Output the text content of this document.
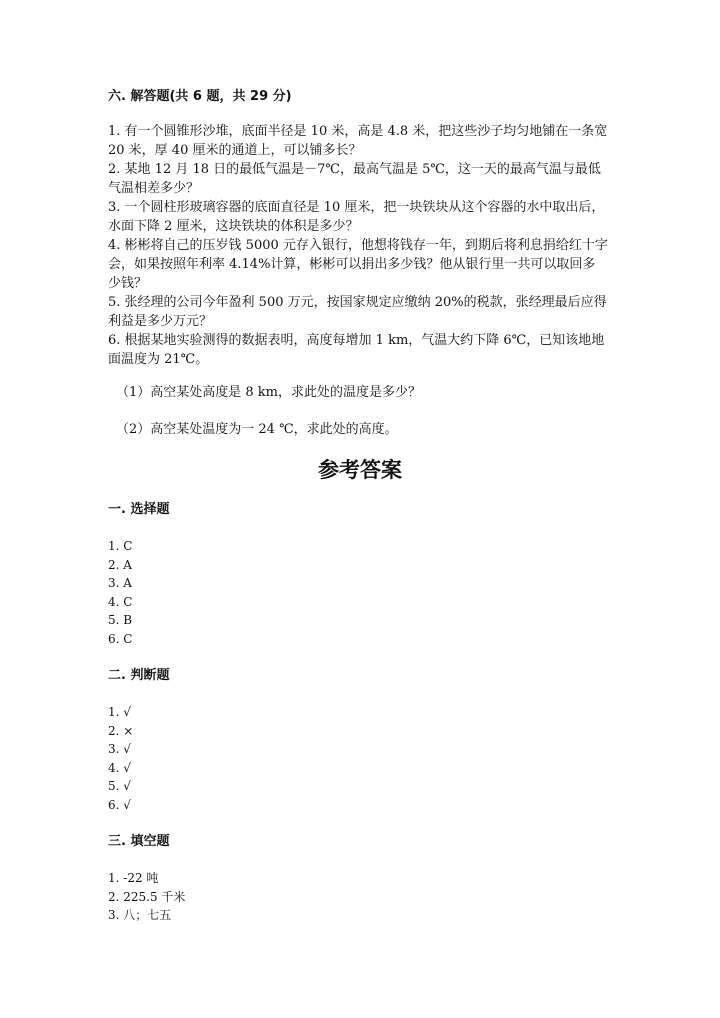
六. 解答题(共 6 题，共 29 分)

1. 有一个圆锥形沙堆，底面半径是 10 米，高是 4.8 米，把这些沙子均匀地铺在一条宽 20 米，厚 40 厘米的通道上，可以铺多长？

2. 某地 12 月 18 日的最低气温是－7℃，最高气温是 5℃，这一天的最高气温与最低气温相差多少？

3. 一个圆柱形玻璃容器的底面直径是 10 厘米，把一块铁块从这个容器的水中取出后，水面下降 2 厘米，这块铁块的体积是多少？

4. 彬彬将自己的压岁钱 5000 元存入银行，他想将钱存一年，到期后将利息捐给红十字会，如果按照年利率 4.14%计算，彬彬可以捐出多少钱？他从银行里一共可以取回多少钱？

5. 张经理的公司今年盈利 500 万元，按国家规定应缴纳 20%的税款，张经理最后应得利益是多少万元？

6. 根据某地实验测得的数据表明，高度每增加 1 km，气温大约下降 6℃，已知该地地面温度为 21℃。

（1）高空某处高度是 8 km，求此处的温度是多少？
（2）高空某处温度为一 24 ℃，求此处的高度。
参考答案
一. 选择题
1. C
2. A
3. A
4. C
5. B
6. C
二. 判断题
1. √
2. ×
3. √
4. √
5. √
6. √
三. 填空题
1. -22 吨
2. 225.5 千米
3. 八；七五
